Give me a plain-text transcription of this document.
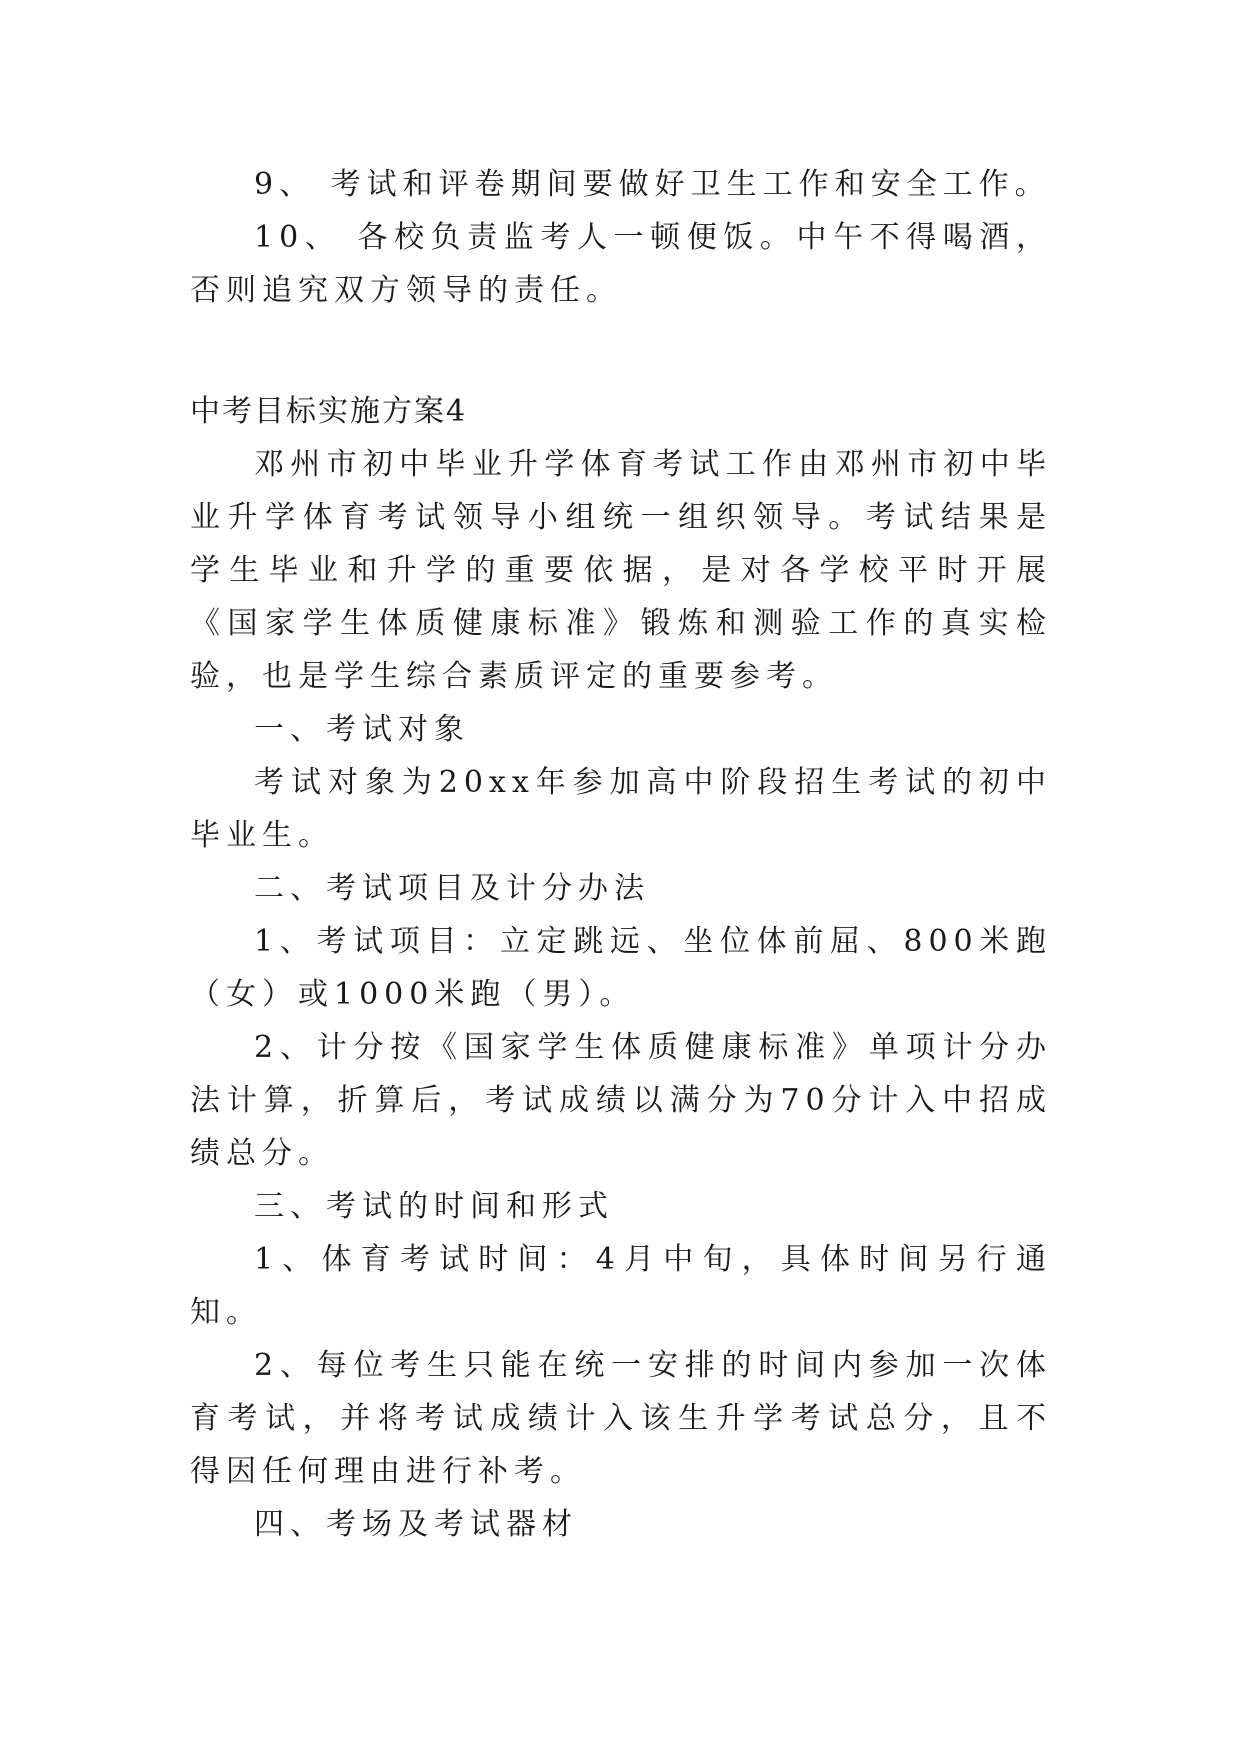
9、 考试和评卷期间要做好卫生工作和安全工作。

10、 各校负责监考人一顿便饭。中午不得喝酒，否则追究双方领导的责任。

中考目标实施方案4

邓州市初中毕业升学体育考试工作由邓州市初中毕业升学体育考试领导小组统一组织领导。考试结果是学生毕业和升学的重要依据，是对各学校平时开展《国家学生体质健康标准》锻炼和测验工作的真实检验，也是学生综合素质评定的重要参考。

一、考试对象

考试对象为20xx年参加高中阶段招生考试的初中毕业生。

二、考试项目及计分办法

1、考试项目：立定跳远、坐位体前屈、800米跑（女）或1000米跑（男）。

2、计分按《国家学生体质健康标准》单项计分办法计算，折算后，考试成绩以满分为70分计入中招成绩总分。

三、考试的时间和形式

1、体育考试时间：4月中旬，具体时间另行通知。

2、每位考生只能在统一安排的时间内参加一次体育考试，并将考试成绩计入该生升学考试总分，且不得因任何理由进行补考。

四、考场及考试器材
